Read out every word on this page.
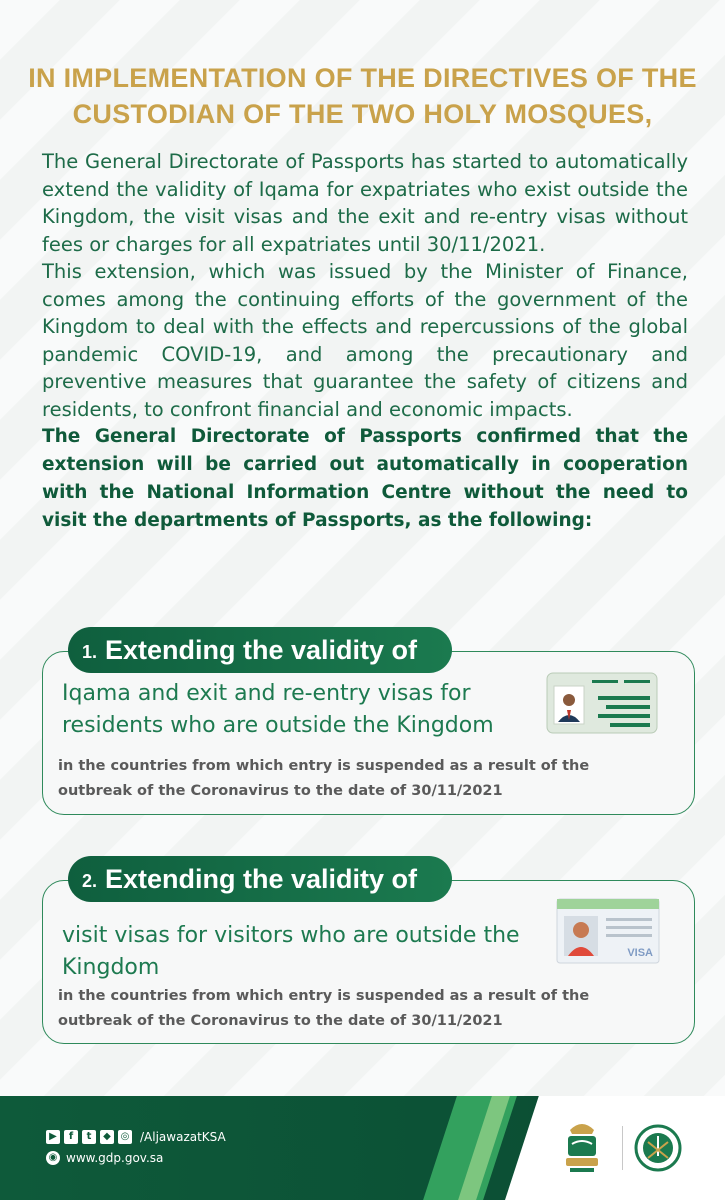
IN IMPLEMENTATION OF THE DIRECTIVES OF THE CUSTODIAN OF THE TWO HOLY MOSQUES,

The General Directorate of Passports has started to automatically extend the validity of Iqama for expatriates who exist outside the Kingdom, the visit visas and the exit and re-entry visas without fees or charges for all expatriates until 30/11/2021.

This extension, which was issued by the Minister of Finance, comes among the continuing efforts of the government of the Kingdom to deal with the effects and repercussions of the global pandemic COVID-19, and among the precautionary and preventive measures that guarantee the safety of citizens and residents, to confront financial and economic impacts.

The General Directorate of Passports confirmed that the extension will be carried out automatically in cooperation with the National Information Centre without the need to visit the departments of Passports, as the following:

1. Extending the validity of

Iqama and exit and re-entry visas for residents who are outside the Kingdom

in the countries from which entry is suspended as a result of the outbreak of the Coronavirus to the date of 30/11/2021

2. Extending the validity of

visit visas for visitors who are outside the Kingdom

VISA

in the countries from which entry is suspended as a result of the outbreak of the Coronavirus to the date of 30/11/2021

▶	f	t	◆ ◎ /AljawazatKSA
◉ www.gdp.gov.sa
